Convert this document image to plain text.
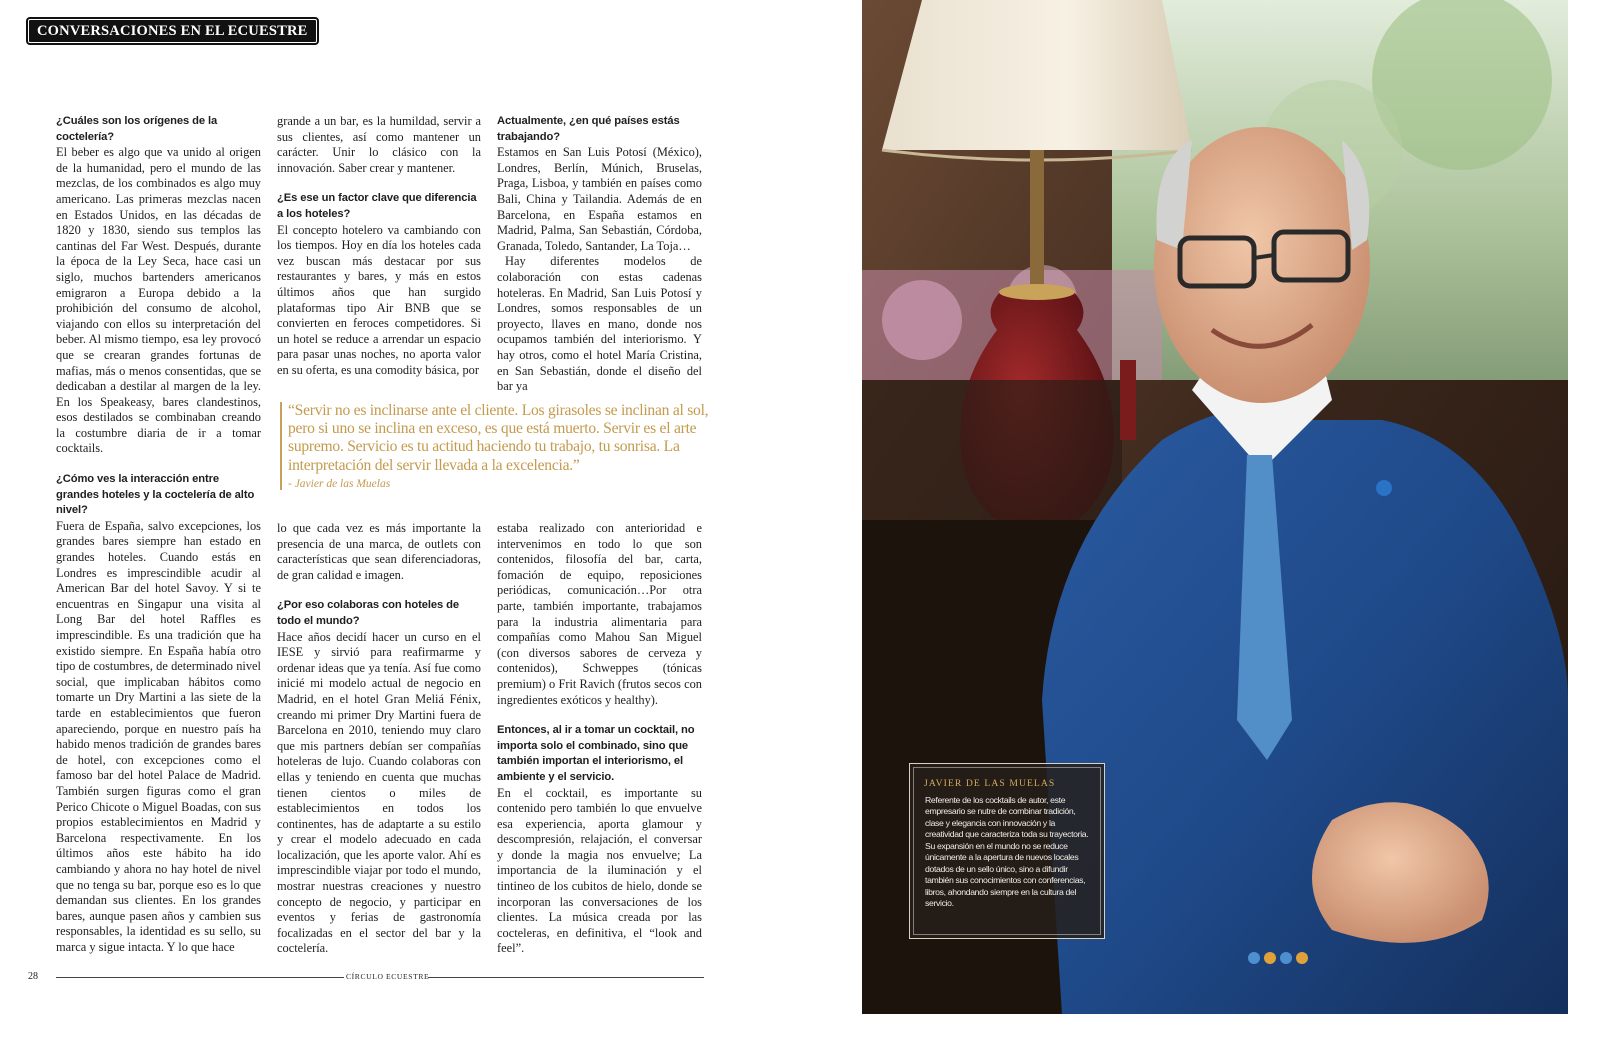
CONVERSACIONES EN EL ECUESTRE

¿Cuáles son los orígenes de la coctelería?

El beber es algo que va unido al origen de la humanidad, pero el mundo de las mezclas, de los combinados es algo muy americano. Las primeras mezclas nacen en Estados Unidos, en las décadas de 1820 y 1830, siendo sus templos las cantinas del Far West. Después, durante la época de la Ley Seca, hace casi un siglo, muchos bartenders americanos emigraron a Europa debido a la prohibición del consumo de alcohol, viajando con ellos su interpretación del beber. Al mismo tiempo, esa ley provocó que se crearan grandes fortunas de mafias, más o menos consentidas, que se dedicaban a destilar al margen de la ley. En los Speakeasy, bares clandestinos, esos destilados se combinaban creando la costumbre diaria de ir a tomar cocktails.

¿Cómo ves la interacción entre grandes hoteles y la coctelería de alto nivel?

Fuera de España, salvo excepciones, los grandes bares siempre han estado en grandes hoteles. Cuando estás en Londres es imprescindible acudir al American Bar del hotel Savoy. Y si te encuentras en Singapur una visita al Long Bar del hotel Raffles es imprescindible. Es una tradición que ha existido siempre. En España había otro tipo de costumbres, de determinado nivel social, que implicaban hábitos como tomarte un Dry Martini a las siete de la tarde en establecimientos que fueron apareciendo, porque en nuestro país ha habido menos tradición de grandes bares de hotel, con excepciones como el famoso bar del hotel Palace de Madrid. También surgen figuras como el gran Perico Chicote o Miguel Boadas, con sus propios establecimientos en Madrid y Barcelona respectivamente. En los últimos años este hábito ha ido cambiando y ahora no hay hotel de nivel que no tenga su bar, porque eso es lo que demandan sus clientes. En los grandes bares, aunque pasen años y cambien sus responsables, la identidad es su sello, su marca y sigue intacta. Y lo que hace

grande a un bar, es la humildad, servir a sus clientes, así como mantener un carácter. Unir lo clásico con la innovación. Saber crear y mantener.

¿Es ese un factor clave que diferencia a los hoteles?

El concepto hotelero va cambiando con los tiempos. Hoy en día los hoteles cada vez buscan más destacar por sus restaurantes y bares, y más en estos últimos años que han surgido plataformas tipo Air BNB que se convierten en feroces competidores. Si un hotel se reduce a arrendar un espacio para pasar unas noches, no aporta valor en su oferta, es una comodity básica, por

Actualmente, ¿en qué países estás trabajando?

Estamos en San Luis Potosí (México), Londres, Berlín, Múnich, Bruselas, Praga, Lisboa, y también en países como Bali, China y Tailandia. Además de en Barcelona, en España estamos en Madrid, Palma, San Sebastián, Córdoba, Granada, Toledo, Santander, La Toja…

Hay diferentes modelos de colaboración con estas cadenas hoteleras. En Madrid, San Luis Potosí y Londres, somos responsables de un proyecto, llaves en mano, donde nos ocupamos también del interiorismo. Y hay otros, como el hotel María Cristina, en San Sebastián, donde el diseño del bar ya

“Servir no es inclinarse ante el cliente. Los girasoles se inclinan al sol, pero si uno se inclina en exceso, es que está muerto. Servir es el arte supremo. Servicio es tu actitud haciendo tu trabajo, tu sonrisa. La interpretación del servir llevada a la excelencia.”

- Javier de las Muelas

lo que cada vez es más importante la presencia de una marca, de outlets con características que sean diferenciadoras, de gran calidad e imagen.

¿Por eso colaboras con hoteles de todo el mundo?

Hace años decidí hacer un curso en el IESE y sirvió para reafirmarme y ordenar ideas que ya tenía. Así fue como inicié mi modelo actual de negocio en Madrid, en el hotel Gran Meliá Fénix, creando mi primer Dry Martini fuera de Barcelona en 2010, teniendo muy claro que mis partners debían ser compañías hoteleras de lujo. Cuando colaboras con ellas y teniendo en cuenta que muchas tienen cientos o miles de establecimientos en todos los continentes, has de adaptarte a su estilo y crear el modelo adecuado en cada localización, que les aporte valor. Ahí es imprescindible viajar por todo el mundo, mostrar nuestras creaciones y nuestro concepto de negocio, y participar en eventos y ferias de gastronomía focalizadas en el sector del bar y la coctelería.

estaba realizado con anterioridad e intervenimos en todo lo que son contenidos, filosofía del bar, carta, fomación de equipo, reposiciones periódicas, comunicación…Por otra parte, también importante, trabajamos para la industria alimentaria para compañías como Mahou San Miguel (con diversos sabores de cerveza y contenidos), Schweppes (tónicas premium) o Frit Ravich (frutos secos con ingredientes exóticos y healthy).

Entonces, al ir a tomar un cocktail, no importa solo el combinado, sino que también importan el interiorismo, el ambiente y el servicio.

En el cocktail, es importante su contenido pero también lo que envuelve esa experiencia, aporta glamour y descompresión, relajación, el conversar y donde la magia nos envuelve; La importancia de la iluminación y el tintineo de los cubitos de hielo, donde se incorporan las conversaciones de los clientes. La música creada por las cocteleras, en definitiva, el “look and feel”.

28	CÍRCULO ECUESTRE
JAVIER DE LAS MUELAS

Referente de los cocktails de autor, este empresario se nutre de combinar tradición, clase y elegancia con innovación y la creatividad que caracteriza toda su trayectoria. Su expansión en el mundo no se reduce únicamente a la apertura de nuevos locales dotados de un sello único, sino a difundir también sus conocimientos con conferencias, libros, ahondando siempre en la cultura del servicio.
